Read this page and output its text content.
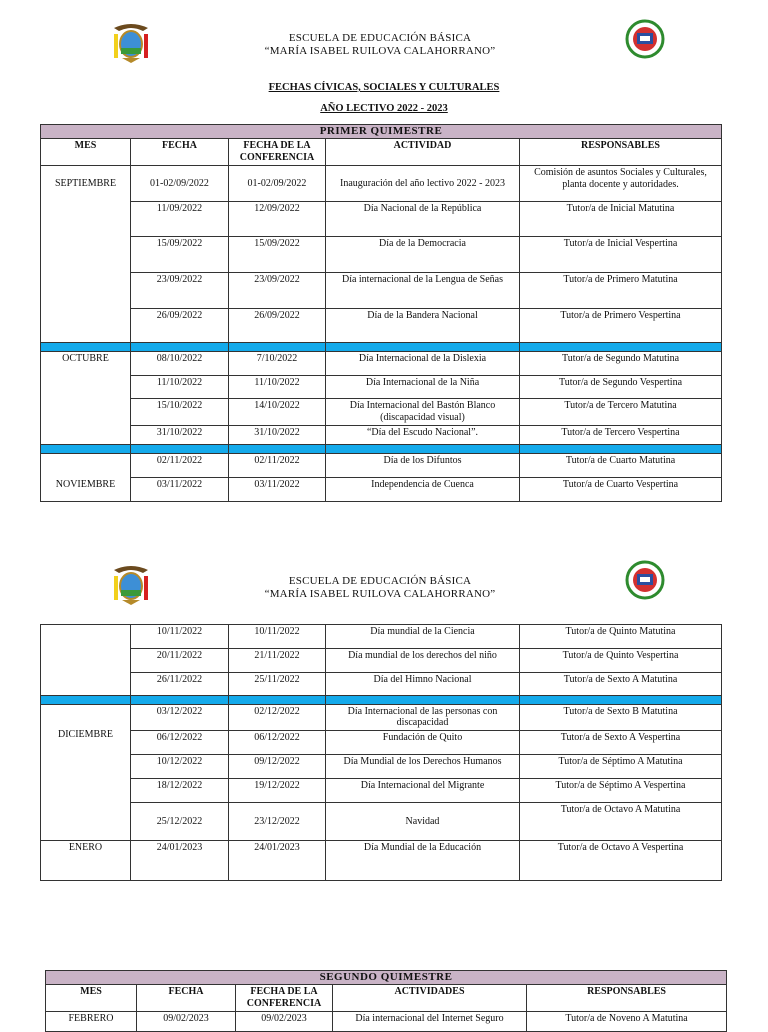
ESCUELA DE EDUCACIÓN BÁSICA
“MARÍA ISABEL RUILOVA CALAHORRANO”
FECHAS CÍVICAS, SOCIALES Y CULTURALES
AÑO LECTIVO 2022 - 2023
PRIMER QUIMESTRE				
MES	FECHA	FECHA DE LA CONFERENCIA	ACTIVIDAD	RESPONSABLES
SEPTIEMBRE	01-02/09/2022	01-02/09/2022	Inauguración del año lectivo 2022 - 2023	Comisión de asuntos Sociales y Culturales, planta docente y autoridades.
	11/09/2022	12/09/2022	Día Nacional de la República	Tutor/a de Inicial Matutina
	15/09/2022	15/09/2022	Día de la Democracia	Tutor/a de Inicial Vespertina
	23/09/2022	23/09/2022	Día internacional de la Lengua de Señas	Tutor/a de Primero Matutina
	26/09/2022	26/09/2022	Día de la Bandera Nacional	Tutor/a de Primero Vespertina

OCTUBRE	08/10/2022	7/10/2022	Día Internacional de la Dislexia	Tutor/a de Segundo Matutina
	11/10/2022	11/10/2022	Día Internacional de la Niña	Tutor/a de Segundo Vespertina
	15/10/2022	14/10/2022	Día Internacional del Bastón Blanco (discapacidad visual)	Tutor/a de Tercero Matutina
	31/10/2022	31/10/2022	“Día del Escudo Nacional”.	Tutor/a de Tercero Vespertina

NOVIEMBRE	02/11/2022	02/11/2022	Día de los Difuntos	Tutor/a de Cuarto Matutina
	03/11/2022	03/11/2022	Independencia de Cuenca	Tutor/a de Cuarto Vespertina
ESCUELA DE EDUCACIÓN BÁSICA
“MARÍA ISABEL RUILOVA CALAHORRANO”
	10/11/2022	10/11/2022	Día mundial de la Ciencia	Tutor/a de Quinto Matutina
	20/11/2022	21/11/2022	Día mundial de los derechos del niño	Tutor/a de Quinto Vespertina
	26/11/2022	25/11/2022	Día del Himno Nacional	Tutor/a de Sexto A Matutina

DICIEMBRE	03/12/2022	02/12/2022	Día Internacional de las personas con discapacidad	Tutor/a de Sexto B Matutina
	06/12/2022	06/12/2022	Fundación de Quito	Tutor/a de Sexto A Vespertina
	10/12/2022	09/12/2022	Día Mundial de los Derechos Humanos	Tutor/a de Séptimo A Matutina
	18/12/2022	19/12/2022	Día Internacional del Migrante	Tutor/a de Séptimo A Vespertina
	25/12/2022	23/12/2022	Navidad	Tutor/a de Octavo A Matutina
ENERO	24/01/2023	24/01/2023	Día Mundial de la Educación	Tutor/a de Octavo A Vespertina
SEGUNDO QUIMESTRE				
MES	FECHA	FECHA DE LA CONFERENCIA	ACTIVIDADES	RESPONSABLES
FEBRERO	09/02/2023	09/02/2023	Día internacional del Internet Seguro	Tutor/a de Noveno A Matutina
